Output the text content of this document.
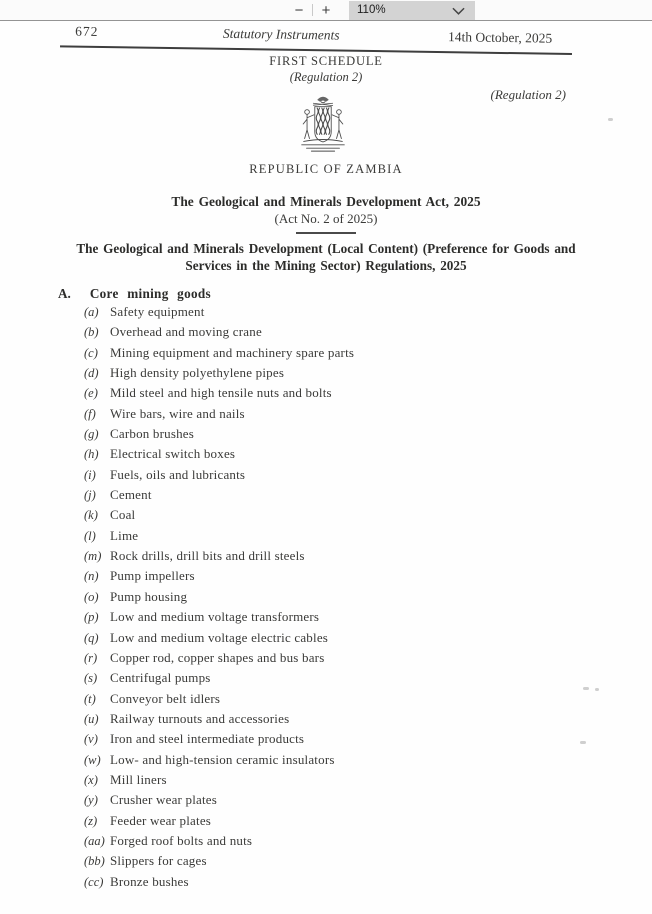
−	+	110%
672	Statutory Instruments	14th October, 2025
FIRST SCHEDULE
(Regulation 2)
(Regulation 2)
REPUBLIC OF ZAMBIA
The Geological and Minerals Development Act, 2025
(Act No. 2 of 2025)
The Geological and Minerals Development (Local Content) (Preference for Goods and Services in the Mining Sector) Regulations, 2025
A. Core mining goods
(a) Safety equipment
(b) Overhead and moving crane
(c) Mining equipment and machinery spare parts
(d) High density polyethylene pipes
(e) Mild steel and high tensile nuts and bolts
(f)	Wire bars, wire and nails
(g) Carbon brushes
(h) Electrical switch boxes
(i)	Fuels, oils and lubricants
(j)	Cement
(k) Coal
(l)	Lime
(m) Rock drills, drill bits and drill steels
(n) Pump impellers
(o) Pump housing
(p) Low and medium voltage transformers
(q) Low and medium voltage electric cables
(r) Copper rod, copper shapes and bus bars
(s) Centrifugal pumps
(t)	Conveyor belt idlers
(u) Railway turnouts and accessories
(v) Iron and steel intermediate products
(w) Low- and high-tension ceramic insulators
(x) Mill liners
(y) Crusher wear plates
(z) Feeder wear plates
(aa) Forged roof bolts and nuts
(bb) Slippers for cages
(cc) Bronze bushes
